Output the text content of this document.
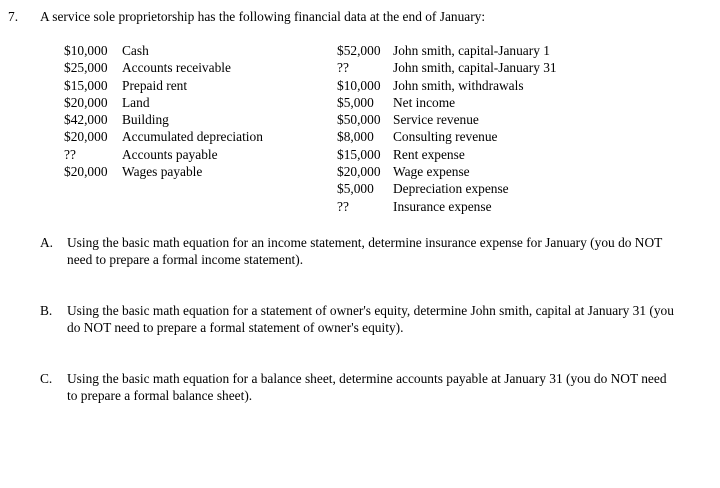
7. A service sole proprietorship has the following financial data at the end of January:
$10,000	Cash
$25,000	Accounts receivable
$15,000	Prepaid rent
$20,000	Land
$42,000	Building
$20,000	Accumulated depreciation
??	Accounts payable
$20,000	Wages payable
$52,000 John smith, capital-January 1
??	John smith, capital-January 31
$10,000 John smith, withdrawals
$5,000	Net income
$50,000 Service revenue
$8,000	Consulting revenue
$15,000 Rent expense
$20,000 Wage expense
$5,000	Depreciation expense
??	Insurance expense
A. Using the basic math equation for an income statement, determine insurance expense for January (you do NOT need to prepare a formal income statement).
B. Using the basic math equation for a statement of owner's equity, determine John smith, capital at January 31 (you do NOT need to prepare a formal statement of owner's equity).
C. Using the basic math equation for a balance sheet, determine accounts payable at January 31 (you do NOT need to prepare a formal balance sheet).
